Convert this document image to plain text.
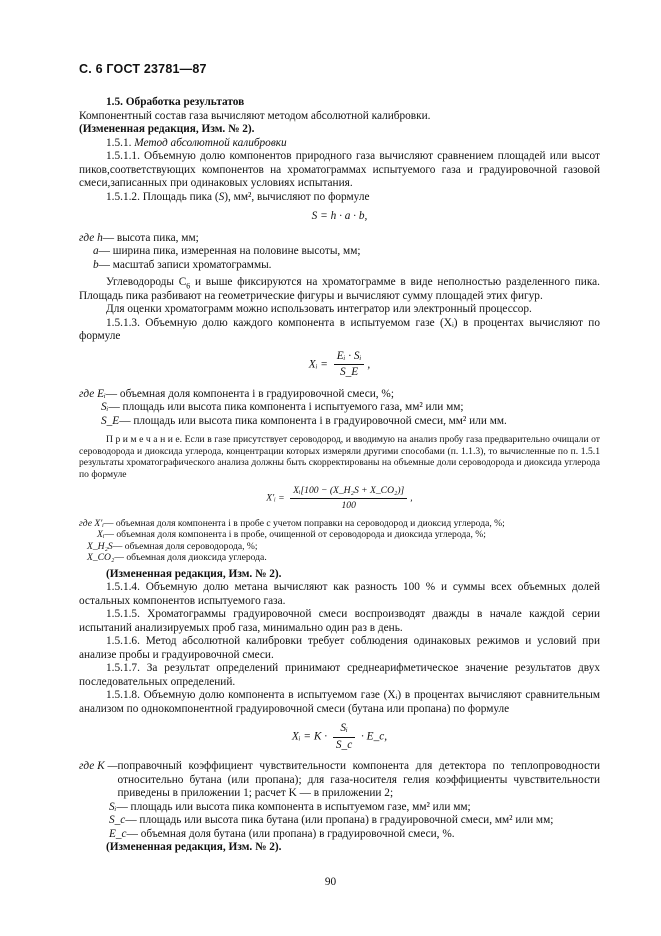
С. 6 ГОСТ 23781—87

1.5. Обработка результатов

Компонентный состав газа вычисляют методом абсолютной калибровки.

(Измененная редакция, Изм. № 2).

1.5.1. Метод абсолютной калибровки

1.5.1.1. Объемную долю компонентов природного газа вычисляют сравнением площадей или высот пиков,соответствующих компонентов на хроматограммах испытуемого газа и градуировочной газовой смеси,записанных при одинаковых условиях испытания.

1.5.1.2. Площадь пика (S), мм², вычисляют по формуле

S = h · a · b,
где h — высота пика, мм;
a — ширина пика, измеренная на половине высоты, мм;
b — масштаб записи хроматограммы.

Углеводороды $С_6$ и выше фиксируются на хроматограмме в виде неполностью разделенного пика. Площадь пика разбивают на геометрические фигуры и вычисляют сумму площадей этих фигур.

Для оценки хроматограмм можно использовать интегратор или электронный процессор.

1.5.1.3. Объемную долю каждого компонента в испытуемом газе (Xᵢ) в процентах вычисляют по формуле

Xᵢ = $\frac{\text{Eᵢ · Sᵢ}}{S\_E}$ ,
где Eᵢ — объемная доля компонента i в градуировочной смеси, %;
Sᵢ — площадь или высота пика компонента i испытуемого газа, мм² или мм;
S_E — площадь или высота пика компонента i в градуировочной смеси, мм² или мм.

П р и м е ч а н и е. Если в газе присутствует сероводород, и вводимую на анализ пробу газа предварительно очищали от сероводорода и диоксида углерода, концентрации которых измеряли другими способами (п. 1.1.3), то вычисленные по п. 1.5.1 результаты хроматографического анализа должны быть скорректированы на объемные доли сероводорода и диоксида углерода по формуле

X′ᵢ = $\frac{\text{Xᵢ[100 − (X\_H₂S + X\_CO₂)]}}{100}$ ,
где X′ᵢ — объемная доля компонента i в пробе с учетом поправки на сероводород и диоксид углерода, %;
Xᵢ — объемная доля компонента i в пробе, очищенной от сероводорода и диоксида углерода, %;
X_H₂S — объемная доля сероводорода, %;
X_CO₂ — объемная доля диоксида углерода.

(Измененная редакция, Изм. № 2).

1.5.1.4. Объемную долю метана вычисляют как разность 100 % и суммы всех объемных долей остальных компонентов испытуемого газа.

1.5.1.5. Хроматограммы градуировочной смеси воспроизводят дважды в начале каждой серии испытаний анализируемых проб газа, минимально один раз в день.

1.5.1.6. Метод абсолютной калибровки требует соблюдения одинаковых режимов и условий при анализе пробы и градуировочной смеси.

1.5.1.7. За результат определений принимают среднеарифметическое значение результатов двух последовательных определений.

1.5.1.8. Объемную долю компонента в испытуемом газе (Xᵢ) в процентах вычисляют сравнительным анализом по однокомпонентной градуировочной смеси (бутана или пропана) по формуле

Xᵢ = $K \cdot \frac{\text{Sᵢ}}{S\_c}$ · E_c,
где K — поправочный коэффициент чувствительности компонента для детектора по теплопроводности относительно бутана (или пропана); для газа-носителя гелия коэффициенты чувствительности приведены в приложении 1; расчет K — в приложении 2;
Sᵢ — площадь или высота пика компонента в испытуемом газе, мм² или мм;
S_c — площадь или высота пика бутана (или пропана) в градуировочной смеси, мм² или мм;
E_c — объемная доля бутана (или пропана) в градуировочной смеси, %.

(Измененная редакция, Изм. № 2).

90
